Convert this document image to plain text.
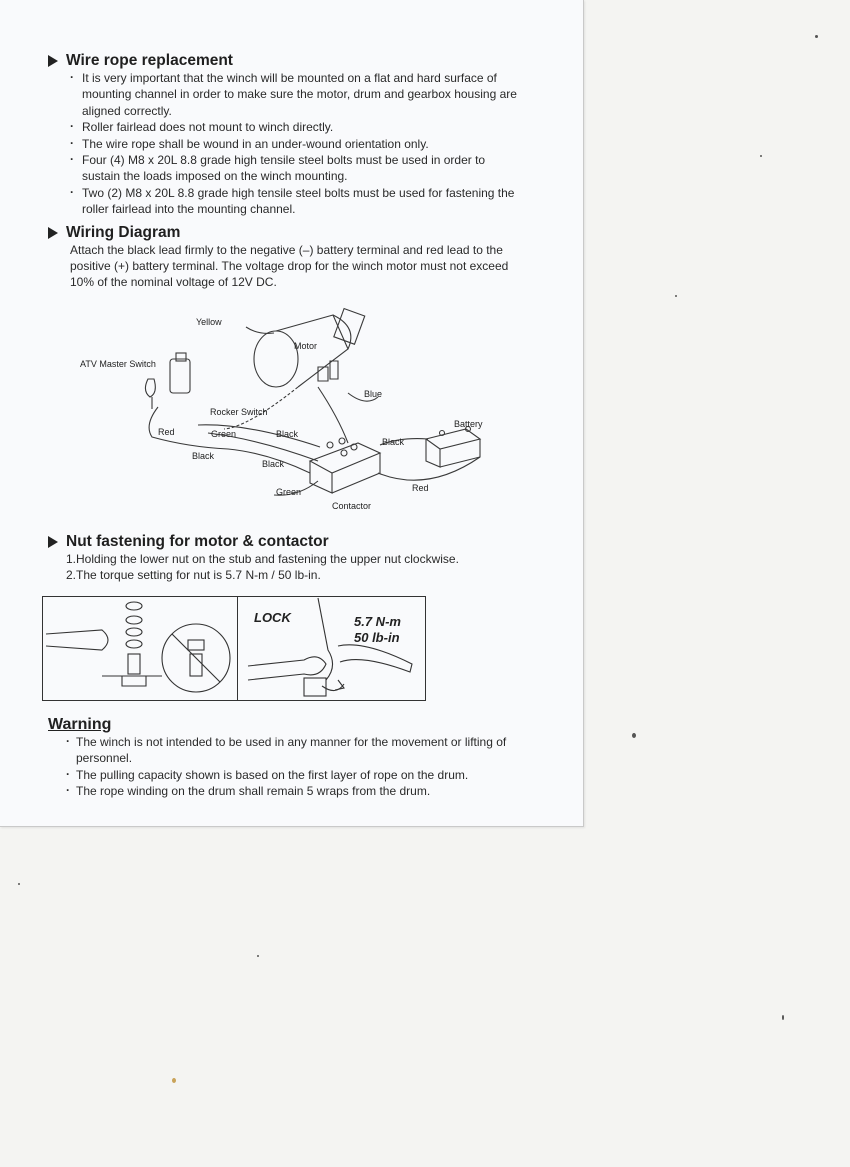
Wire rope replacement
· It is very important that the winch will be mounted on a flat and hard surface of mounting channel in order to make sure the motor, drum and gearbox housing are aligned correctly.
· Roller fairlead does not mount to winch directly.
· The wire rope shall be wound in an under-wound orientation only.
· Four (4) M8 x 20L 8.8 grade high tensile steel bolts must be used in order to sustain the loads imposed on the winch mounting.
· Two (2) M8 x 20L 8.8 grade high tensile steel bolts must be used for fastening the roller fairlead into the mounting channel.
Wiring Diagram

Attach the black lead firmly to the negative (–) battery terminal and red lead to the positive (+) battery terminal. The voltage drop for the winch motor must not exceed 10% of the nominal voltage of 12V DC.

Yellow
Motor
ATV Master Switch
Blue
Rocker Switch
Battery
Red	Green	Black
Black
Black
Black
Green	Red
Contactor
Nut fastening for motor & contactor
1.Holding the lower nut on the stub and fastening the upper nut clockwise.
2.The torque setting for nut is 5.7 N-m / 50 lb-in.
LOCK	5.7 N-m
50 lb-in
Warning
· The winch is not intended to be used in any manner for the movement or lifting of personnel.
· The pulling capacity shown is based on the first layer of rope on the drum.
· The rope winding on the drum shall remain 5 wraps from the drum.
